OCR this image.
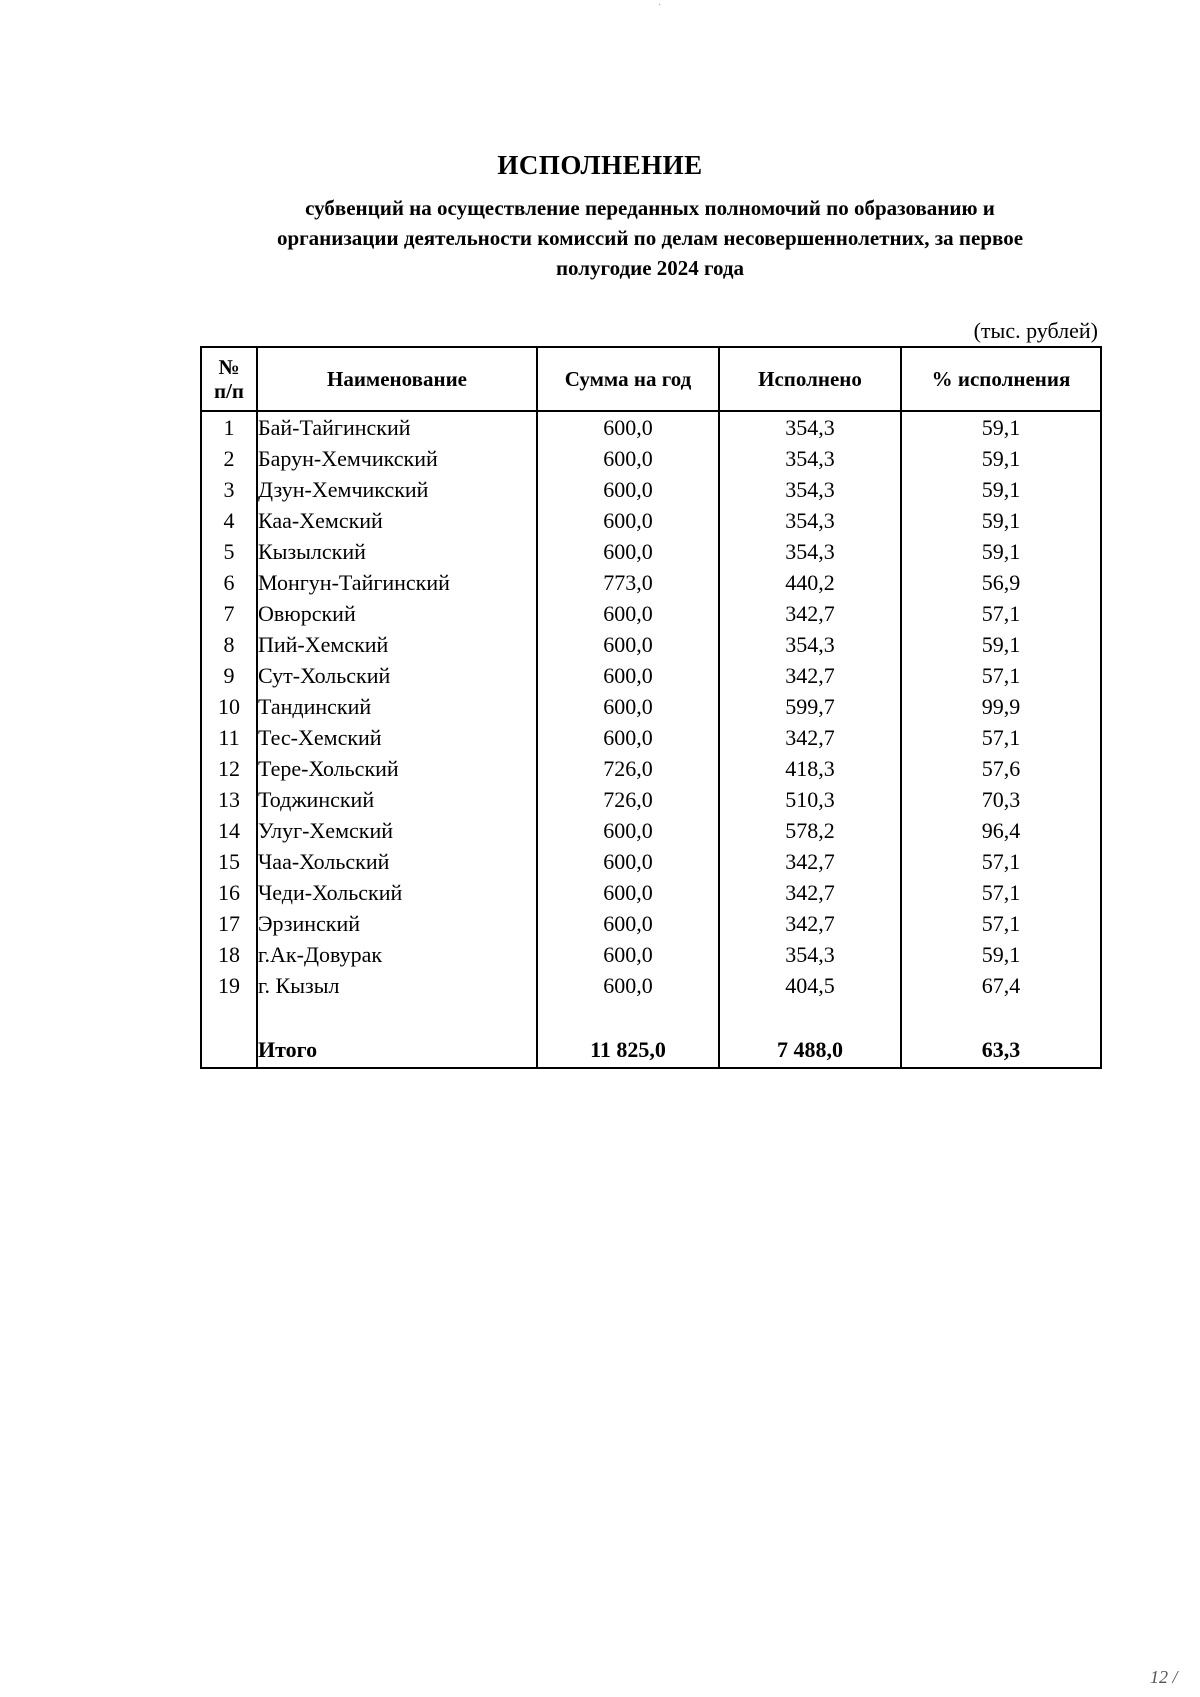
·
ИСПОЛНЕНИЕ
субвенций на осуществление переданных полномочий по образованию и
организации деятельности комиссий по делам несовершеннолетних, за первое
полугодие 2024 года
(тыс. рублей)
№
п/п	Наименование	Сумма на год	Исполнено	% исполнения
1	Бай-Тайгинский	600,0	354,3	59,1
2	Барун-Хемчикский	600,0	354,3	59,1
3	Дзун-Хемчикский	600,0	354,3	59,1
4	Каа-Хемский	600,0	354,3	59,1
5	Кызылский	600,0	354,3	59,1
6	Монгун-Тайгинский	773,0	440,2	56,9
7	Овюрский	600,0	342,7	57,1
8	Пий-Хемский	600,0	354,3	59,1
9	Сут-Хольский	600,0	342,7	57,1
10	Тандинский	600,0	599,7	99,9
11	Тес-Хемский	600,0	342,7	57,1
12	Тере-Хольский	726,0	418,3	57,6
13	Тоджинский	726,0	510,3	70,3
14	Улуг-Хемский	600,0	578,2	96,4
15	Чаа-Хольский	600,0	342,7	57,1
16	Чеди-Хольский	600,0	342,7	57,1
17	Эрзинский	600,0	342,7	57,1
18	г.Ак-Довурак	600,0	354,3	59,1
19	г. Кызыл	600,0	404,5	67,4

	Итого	11 825,0	7 488,0	63,3
12 /
